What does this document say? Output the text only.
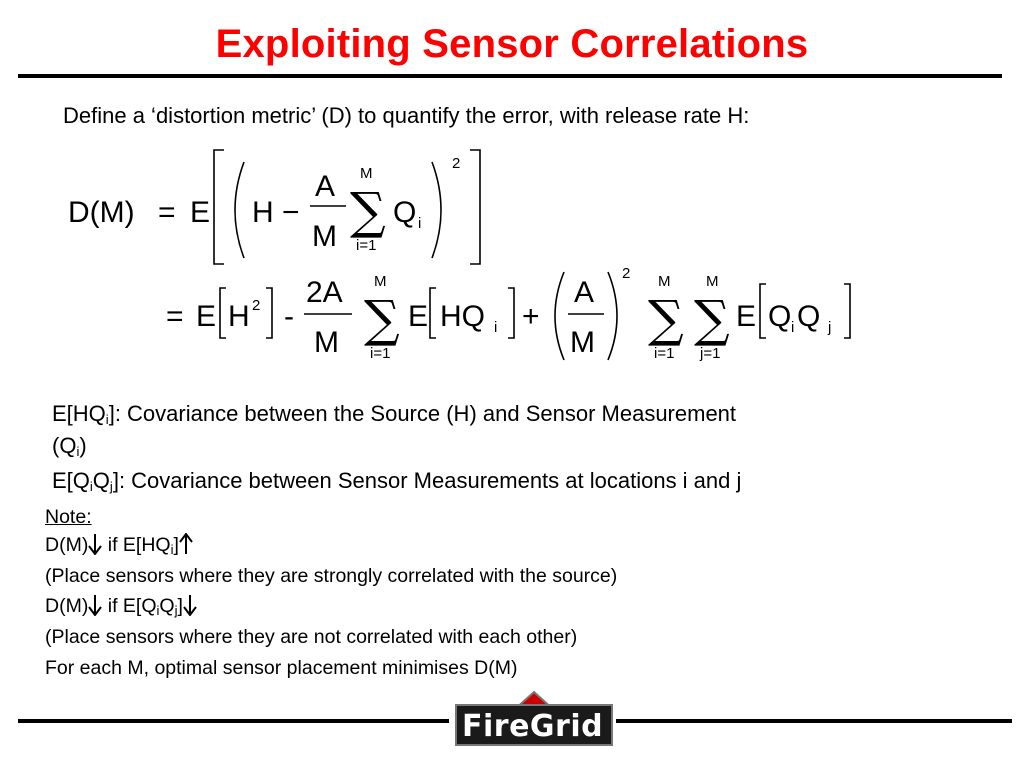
Exploiting Sensor Correlations
Define a ‘distortion metric’ (D) to quantify the error, with release rate H:
D(M) = E H −
A
M
M
∑
i=1
Q i
2
= E H 2 -
2A
M
M
∑
i=1
E HQ i +
A
M
2 M
∑
i=1
M
∑
j=1
E Q i Q j
$E[HQ_i]$: Covariance between the Source (H) and Sensor Measurement
$(Q_i)$
$E[Q_iQ_j]$: Covariance between Sensor Measurements at locations i and j
Note:
D(M) if $E[HQ_i]$
(Place sensors where they are strongly correlated with the source)
D(M) if $E[Q_iQ_j]$
(Place sensors where they are not correlated with each other)
For each M, optimal sensor placement minimises D(M)
FireGrid
